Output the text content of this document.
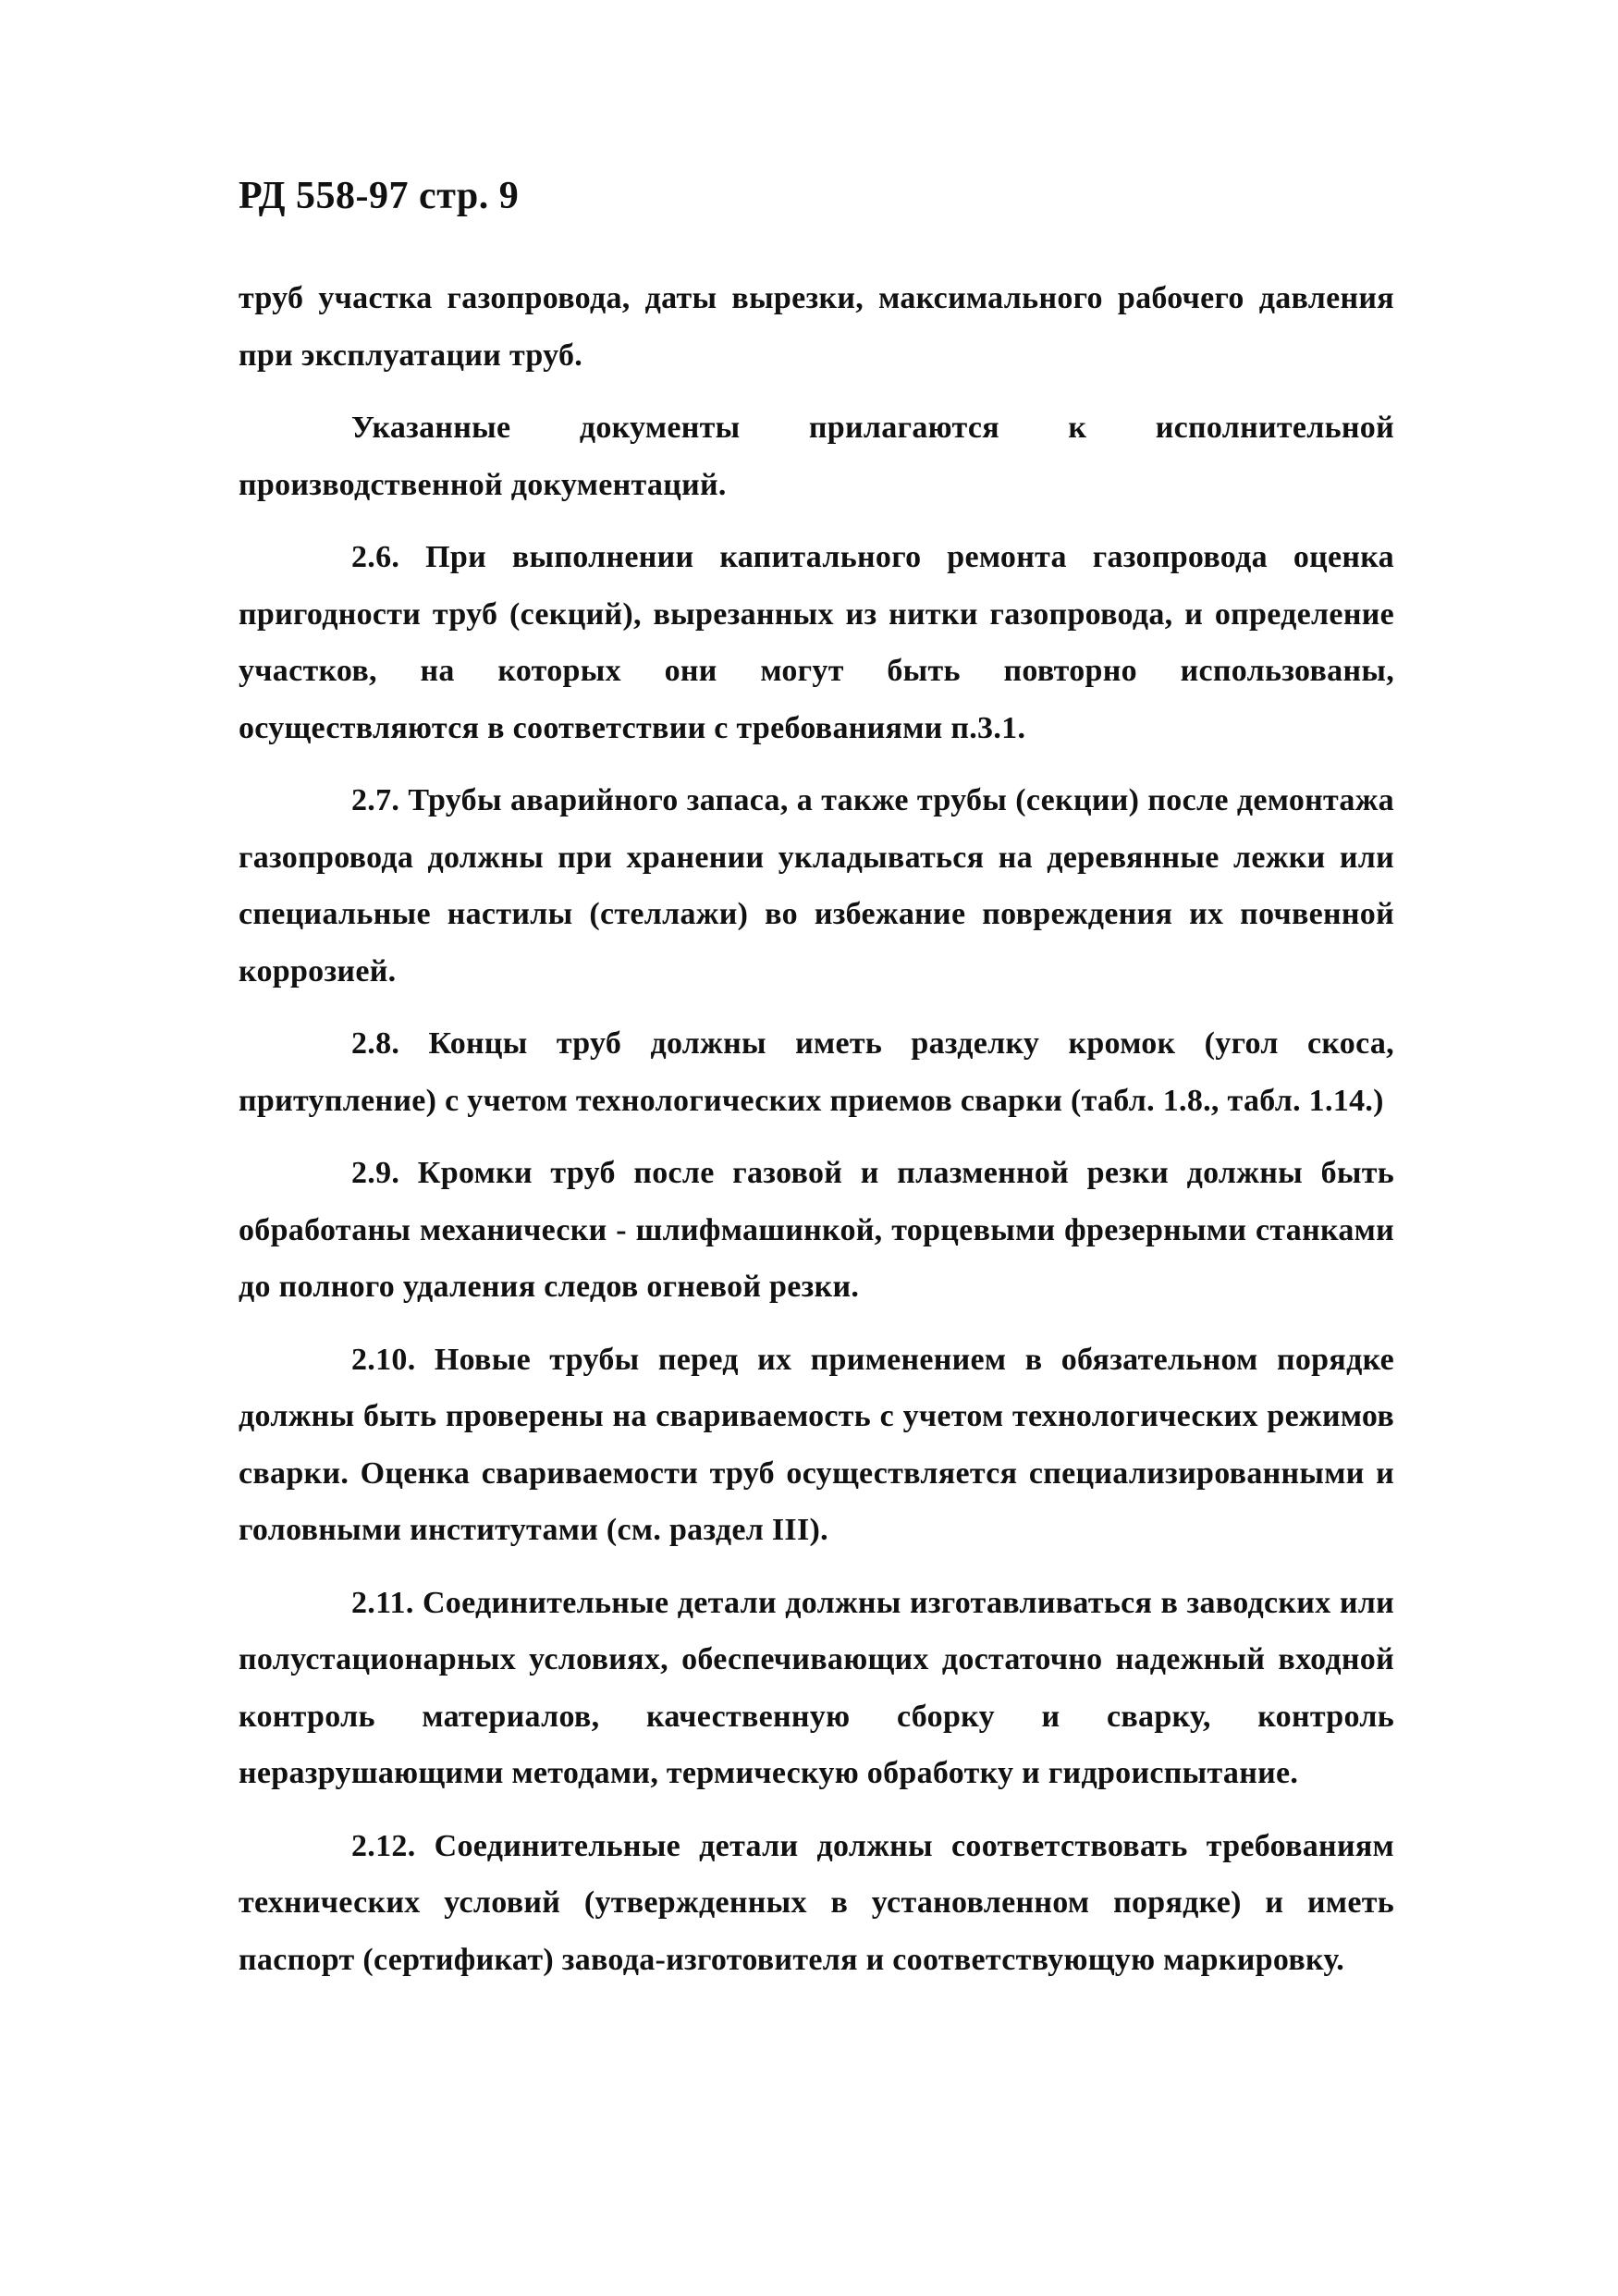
РД 558-97 стр. 9

труб участка газопровода, даты вырезки, максимального рабочего давления при эксплуатации труб.

Указанные документы прилагаются к исполнительной производственной документаций.

2.6. При выполнении капитального ремонта газопровода оценка пригодности труб (секций), вырезанных из нитки газопровода, и определение участков, на которых они могут быть повторно использованы, осуществляются в соответствии с требованиями п.3.1.

2.7. Трубы аварийного запаса, а также трубы (секции) после демонтажа газопровода должны при хранении укладываться на деревянные лежки или специальные настилы (стеллажи) во избежание повреждения их почвенной коррозией.

2.8. Концы труб должны иметь разделку кромок (угол скоса, притупление) с учетом технологических приемов сварки (табл. 1.8., табл. 1.14.)

2.9. Кромки труб после газовой и плазменной резки должны быть обработаны механически - шлифмашинкой, торцевыми фрезерными станками до полного удаления следов огневой резки.

2.10. Новые трубы перед их применением в обязательном порядке должны быть проверены на свариваемость с учетом технологических режимов сварки. Оценка свариваемости труб осуществляется специализированными и головными институтами (см. раздел III).

2.11. Соединительные детали должны изготавливаться в заводских или полустационарных условиях, обеспечивающих достаточно надежный входной контроль материалов, качественную сборку и сварку, контроль неразрушающими методами, термическую обработку и гидроиспытание.

2.12. Соединительные детали должны соответствовать требованиям технических условий (утвержденных в установленном порядке) и иметь паспорт (сертификат) завода-изготовителя и соответствующую маркировку.
